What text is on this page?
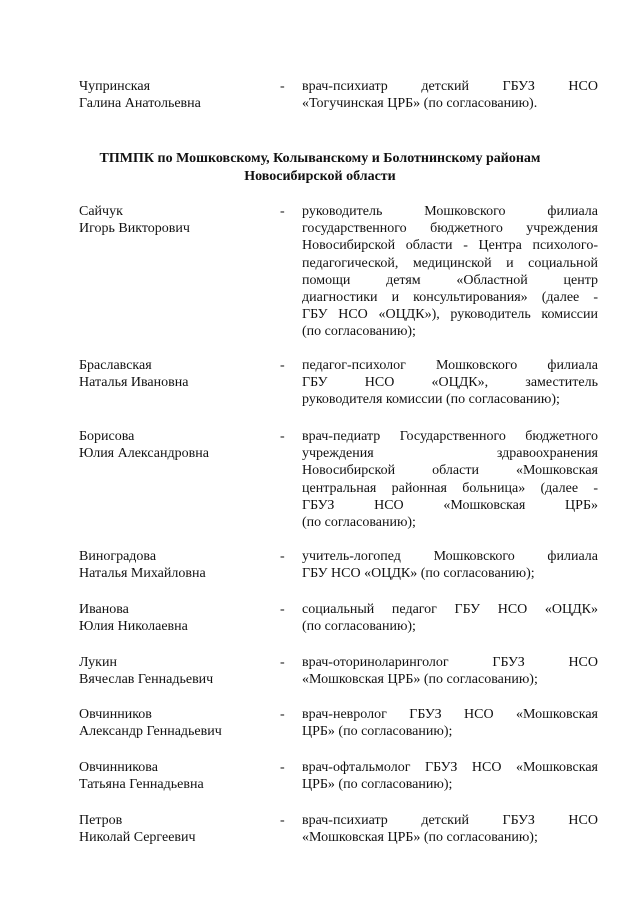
Чупринская
Галина Анатольевна
- врач-психиатр детский ГБУЗ НСО
«Тогучинская ЦРБ» (по согласованию).
ТПМПК по Мошковскому, Колыванскому и Болотнинскому районам
Новосибирской области
Сайчук
Игорь Викторович
- руководитель Мошковского филиала
государственного бюджетного учреждения
Новосибирской области - Центра психолого-
педагогической, медицинской и социальной
помощи детям «Областной центр
диагностики и консультирования» (далее -
ГБУ НСО «ОЦДК»), руководитель комиссии
(по согласованию);
Браславская
Наталья Ивановна
- педагог-психолог Мошковского филиала
ГБУ НСО «ОЦДК», заместитель
руководителя комиссии (по согласованию);
Борисова
Юлия Александровна
- врач-педиатр Государственного бюджетного
учреждения здравоохранения
Новосибирской области «Мошковская
центральная районная больница» (далее -
ГБУЗ НСО «Мошковская ЦРБ»
(по согласованию);
Виноградова
Наталья Михайловна
- учитель-логопед Мошковского филиала
ГБУ НСО «ОЦДК» (по согласованию);
Иванова
Юлия Николаевна
- социальный педагог ГБУ НСО «ОЦДК»
(по согласованию);
Лукин
Вячеслав Геннадьевич
- врач-оториноларинголог ГБУЗ НСО
«Мошковская ЦРБ» (по согласованию);
Овчинников
Александр Геннадьевич
- врач-невролог ГБУЗ НСО «Мошковская
ЦРБ» (по согласованию);
Овчинникова
Татьяна Геннадьевна
- врач-офтальмолог ГБУЗ НСО «Мошковская
ЦРБ» (по согласованию);
Петров
Николай Сергеевич
- врач-психиатр детский ГБУЗ НСО
«Мошковская ЦРБ» (по согласованию);
